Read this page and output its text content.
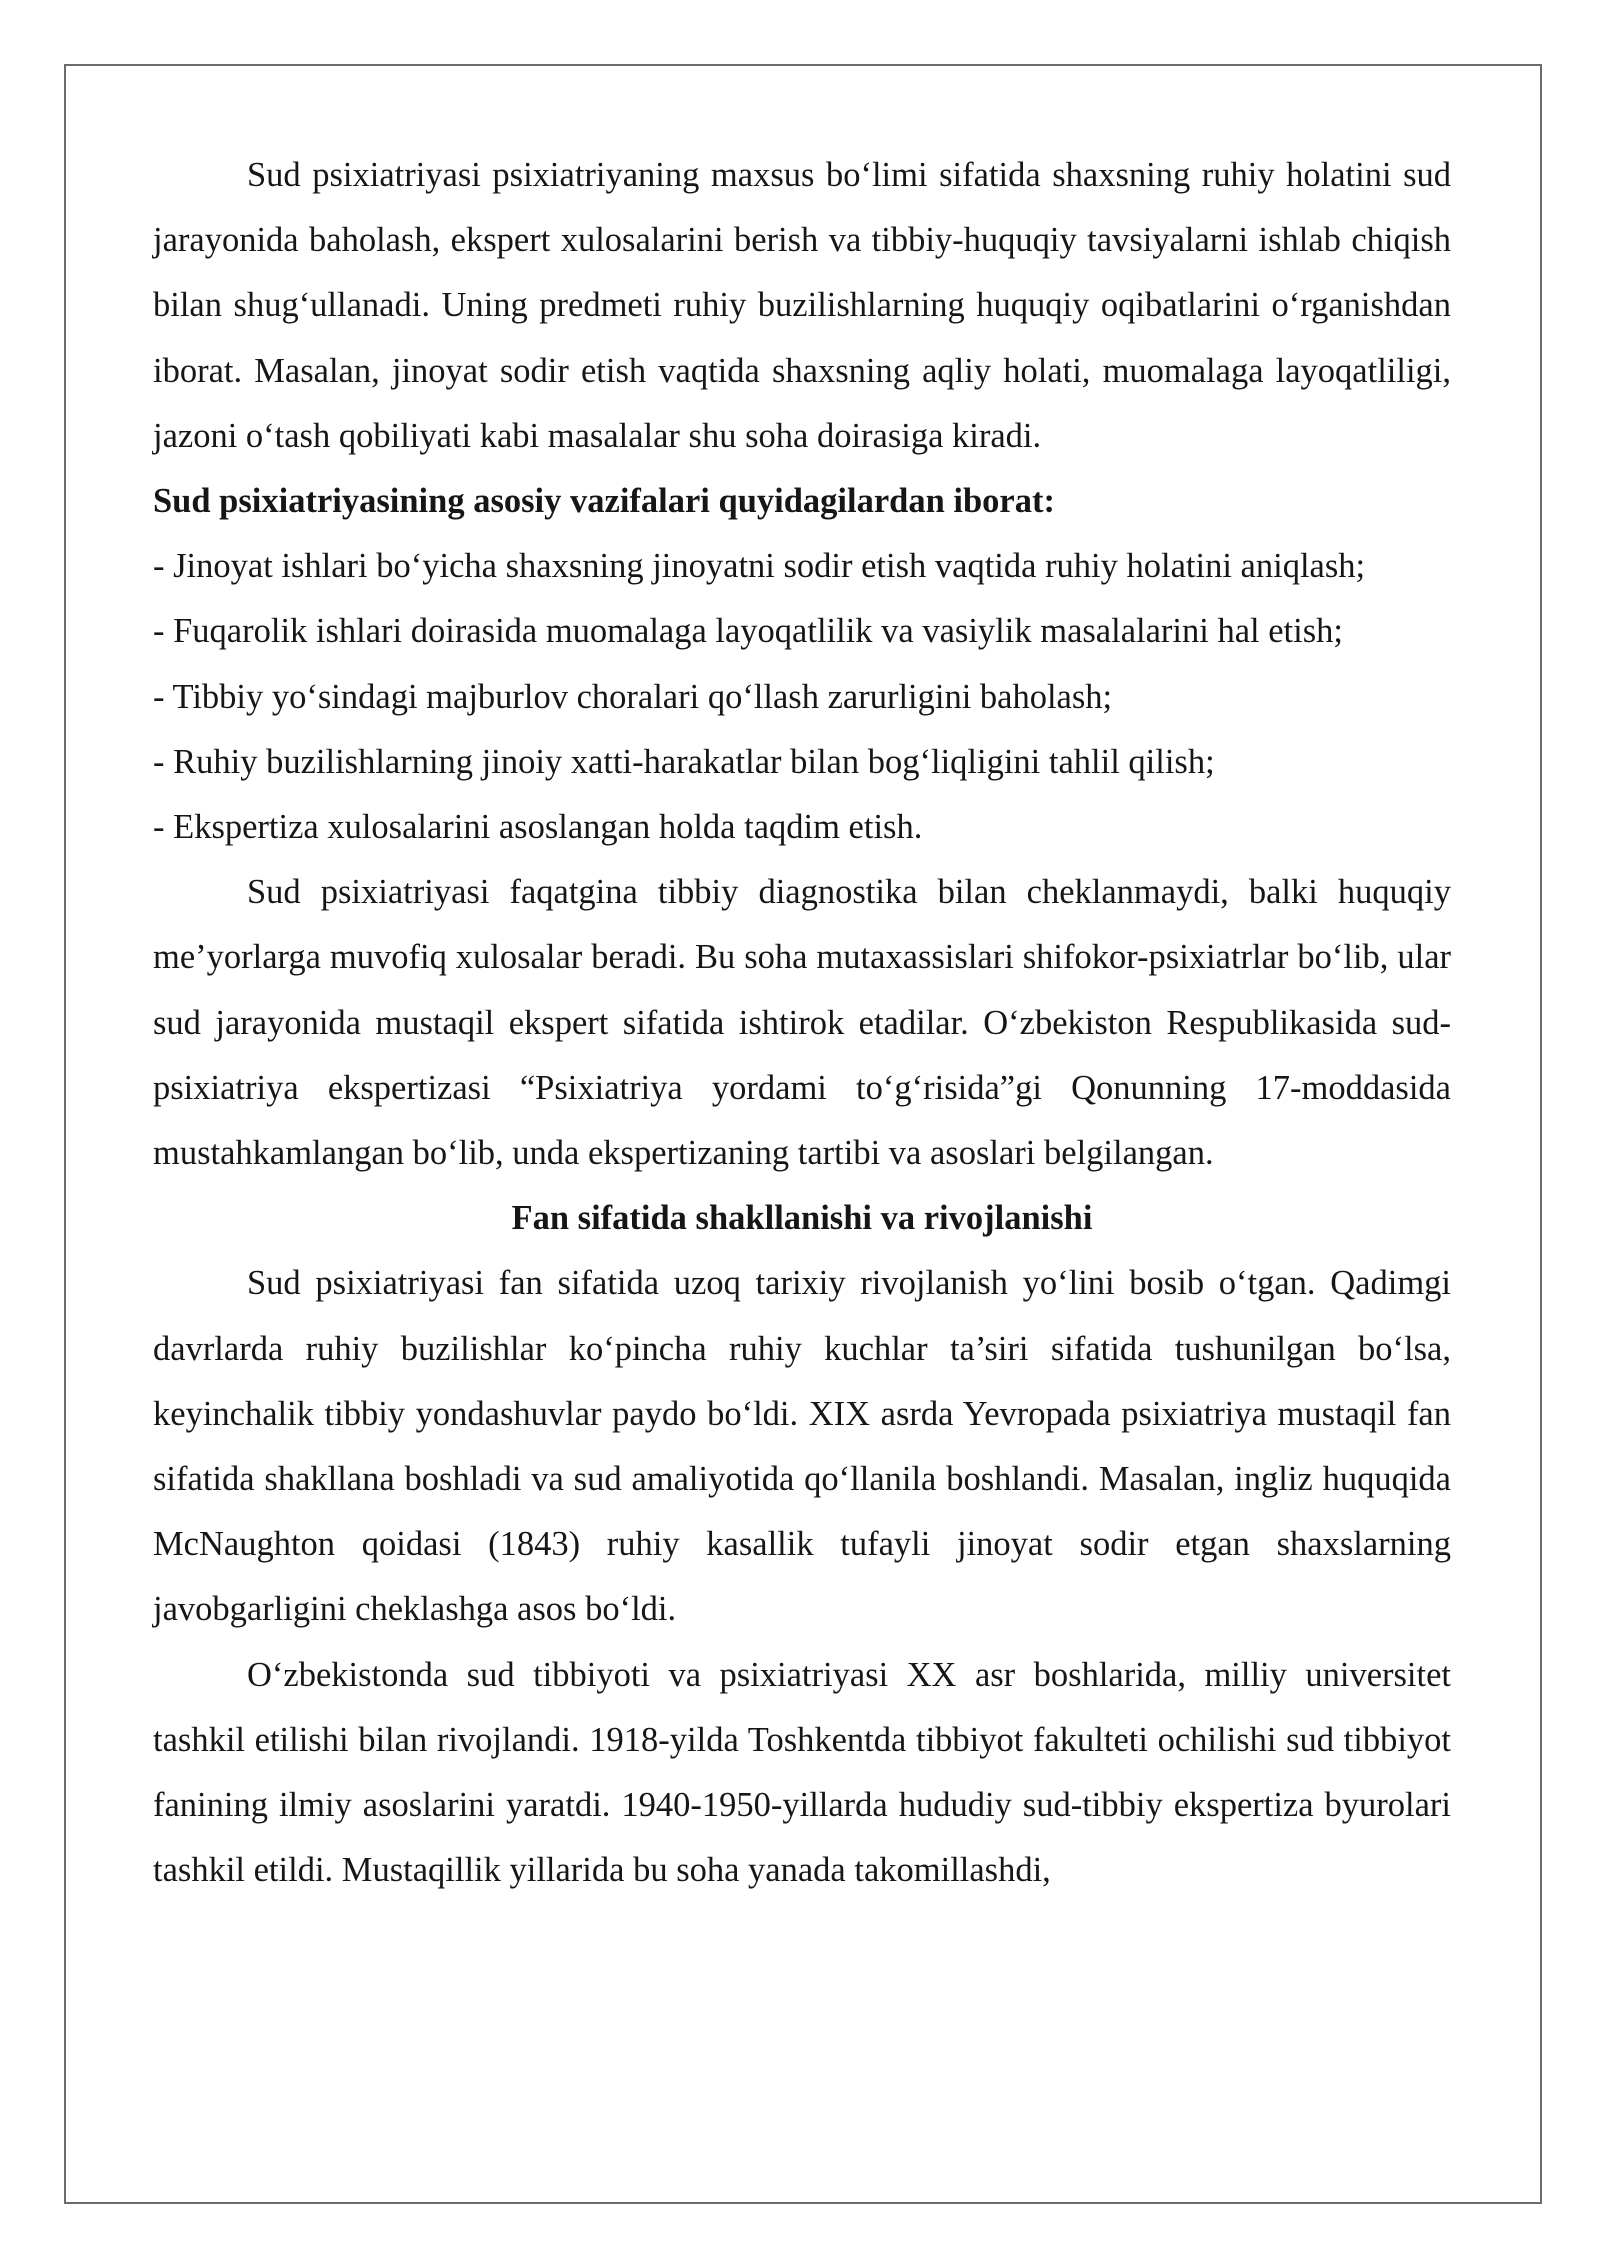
Sud psixiatriyasi psixiatriyaning maxsus bo‘limi sifatida shaxsning ruhiy holatini sud jarayonida baholash, ekspert xulosalarini berish va tibbiy-huquqiy tavsiyalarni ishlab chiqish bilan shug‘ullanadi. Uning predmeti ruhiy buzilishlarning huquqiy oqibatlarini o‘rganishdan iborat. Masalan, jinoyat sodir etish vaqtida shaxsning aqliy holati, muomalaga layoqatliligi, jazoni o‘tash qobiliyati kabi masalalar shu soha doirasiga kiradi.

Sud psixiatriyasining asosiy vazifalari quyidagilardan iborat:

- Jinoyat ishlari bo‘yicha shaxsning jinoyatni sodir etish vaqtida ruhiy holatini aniqlash;

- Fuqarolik ishlari doirasida muomalaga layoqatlilik va vasiylik masalalarini hal etish;

- Tibbiy yo‘sindagi majburlov choralari qo‘llash zarurligini baholash;

- Ruhiy buzilishlarning jinoiy xatti-harakatlar bilan bog‘liqligini tahlil qilish;

- Ekspertiza xulosalarini asoslangan holda taqdim etish.

Sud psixiatriyasi faqatgina tibbiy diagnostika bilan cheklanmaydi, balki huquqiy me’yorlarga muvofiq xulosalar beradi. Bu soha mutaxassislari shifokor-psixiatrlar bo‘lib, ular sud jarayonida mustaqil ekspert sifatida ishtirok etadilar. O‘zbekiston Respublikasida sud-psixiatriya ekspertizasi “Psixiatriya yordami to‘g‘risida”gi Qonunning 17-moddasida mustahkamlangan bo‘lib, unda ekspertizaning tartibi va asoslari belgilangan.

Fan sifatida shakllanishi va rivojlanishi

Sud psixiatriyasi fan sifatida uzoq tarixiy rivojlanish yo‘lini bosib o‘tgan. Qadimgi davrlarda ruhiy buzilishlar ko‘pincha ruhiy kuchlar ta’siri sifatida tushunilgan bo‘lsa, keyinchalik tibbiy yondashuvlar paydo bo‘ldi. XIX asrda Yevropada psixiatriya mustaqil fan sifatida shakllana boshladi va sud amaliyotida qo‘llanila boshlandi. Masalan, ingliz huquqida McNaughton qoidasi (1843) ruhiy kasallik tufayli jinoyat sodir etgan shaxslarning javobgarligini cheklashga asos bo‘ldi.

O‘zbekistonda sud tibbiyoti va psixiatriyasi XX asr boshlarida, milliy universitet tashkil etilishi bilan rivojlandi. 1918-yilda Toshkentda tibbiyot fakulteti ochilishi sud tibbiyot fanining ilmiy asoslarini yaratdi. 1940-1950-yillarda hududiy sud-tibbiy ekspertiza byurolari tashkil etildi. Mustaqillik yillarida bu soha yanada takomillashdi,
